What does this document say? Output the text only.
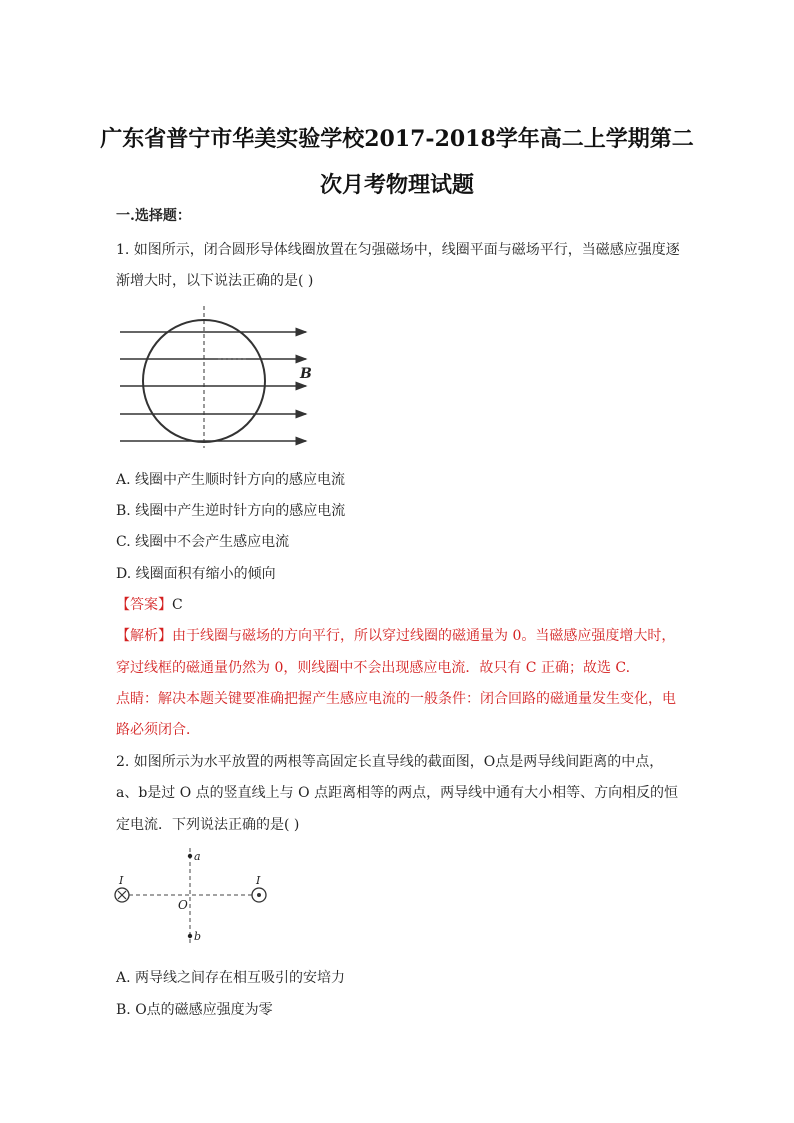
广东省普宁市华美实验学校2017-2018学年高二上学期第二
次月考物理试题
一.选择题：
1. 如图所示，闭合圆形导体线圈放置在匀强磁场中，线圈平面与磁场平行，当磁感应强度逐
渐增大时，以下说法正确的是( )
B
A. 线圈中产生顺时针方向的感应电流
B. 线圈中产生逆时针方向的感应电流
C. 线圈中不会产生感应电流
D. 线圈面积有缩小的倾向
【答案】C
【解析】由于线圈与磁场的方向平行，所以穿过线圈的磁通量为 0。当磁感应强度增大时，
穿过线框的磁通量仍然为 0，则线圈中不会出现感应电流．故只有 C 正确；故选 C.
点睛：解决本题关键要准确把握产生感应电流的一般条件：闭合回路的磁通量发生变化，电
路必须闭合．
2. 如图所示为水平放置的两根等高固定长直导线的截面图，O点是两导线间距离的中点，
a、b是过 O 点的竖直线上与 O 点距离相等的两点，两导线中通有大小相等、方向相反的恒
定电流．下列说法正确的是( )
a
b
O
I	I
A. 两导线之间存在相互吸引的安培力
B. O点的磁感应强度为零
